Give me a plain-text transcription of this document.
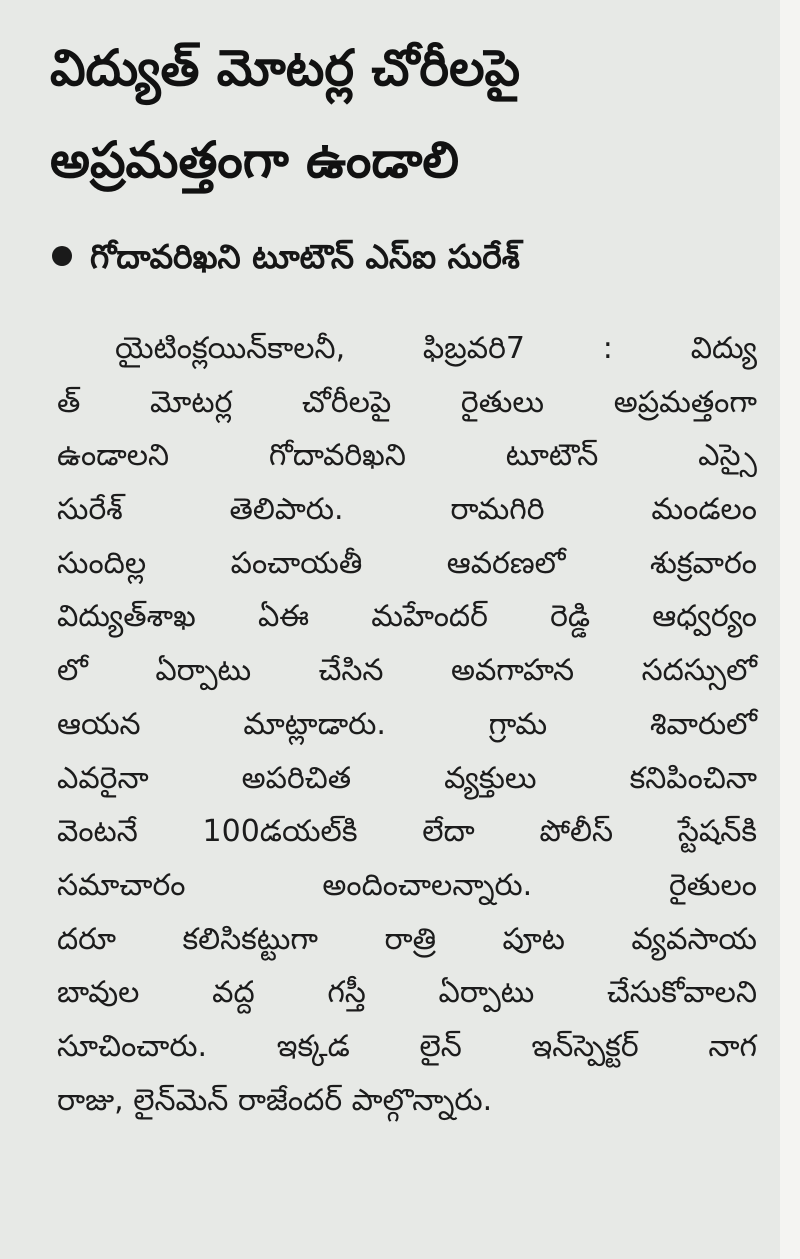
విద్యుత్ మోటర్ల చోరీలపై
అప్రమత్తంగా ఉండాలి
గోదావరిఖని టూటౌన్ ఎస్ఐ సురేశ్
యైటింక్లయిన్‌కాలనీ, ఫిబ్రవరి7 : విద్యు
త్ మోటర్ల చోరీలపై రైతులు అప్రమత్తంగా
ఉండాలని గోదావరిఖని టూటౌన్ ఎస్సై
సురేశ్ తెలిపారు. రామగిరి మండలం
సుందిల్ల పంచాయతీ ఆవరణలో శుక్రవారం
విద్యుత్‌శాఖ ఏఈ మహేందర్ రెడ్డి ఆధ్వర్యం
లో ఏర్పాటు చేసిన అవగాహన సదస్సులో
ఆయన మాట్లాడారు. గ్రామ శివారులో
ఎవరైనా అపరిచిత వ్యక్తులు కనిపించినా
వెంటనే 100డయల్‌కి లేదా పోలీస్ స్టేషన్‌కి
సమాచారం అందించాలన్నారు. రైతులం
దరూ కలిసికట్టుగా రాత్రి పూట వ్యవసాయ
బావుల వద్ద గస్తీ ఏర్పాటు చేసుకోవాలని
సూచించారు. ఇక్కడ లైన్ ఇన్‌స్పెక్టర్ నాగ
రాజు, లైన్‌మెన్ రాజేందర్ పాల్గొన్నారు.
